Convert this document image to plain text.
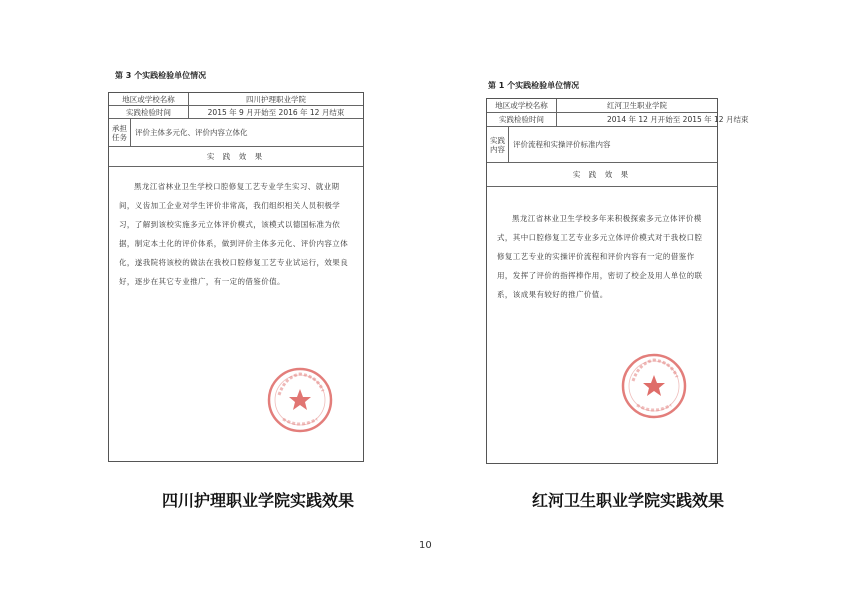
第 3 个实践检验单位情况
地区或学校名称	四川护理职业学院
实践检验时间	2015 年 9 月开始至 2016 年 12 月结束
承担任务 评价主体多元化、评价内容立体化
实 践 效 果
黑龙江省林业卫生学校口腔修复工艺专业学生实习、就业期间，义齿加工企业对学生评价非常高，我们组织相关人员积极学习，了解到该校实施多元立体评价模式，该模式以德国标准为依据，制定本土化的评价体系，做到评价主体多元化、评价内容立体化，遂我院将该校的做法在我校口腔修复工艺专业试运行，效果良好，逐步在其它专业推广，有一定的借鉴价值。
第 1 个实践检验单位情况
地区或学校名称	红河卫生职业学院
实践检验时间	2014 年 12 月开始至 2015 年 12 月结束
实践内容 评价流程和实操评价标准内容
实 践 效 果
黑龙江省林业卫生学校多年来积极探索多元立体评价模式，其中口腔修复工艺专业多元立体评价模式对于我校口腔修复工艺专业的实操评价流程和评价内容有一定的借鉴作用，发挥了评价的指挥棒作用，密切了校企及用人单位的联系，该成果有较好的推广价值。
四川护理职业学院实践效果	红河卫生职业学院实践效果
10
